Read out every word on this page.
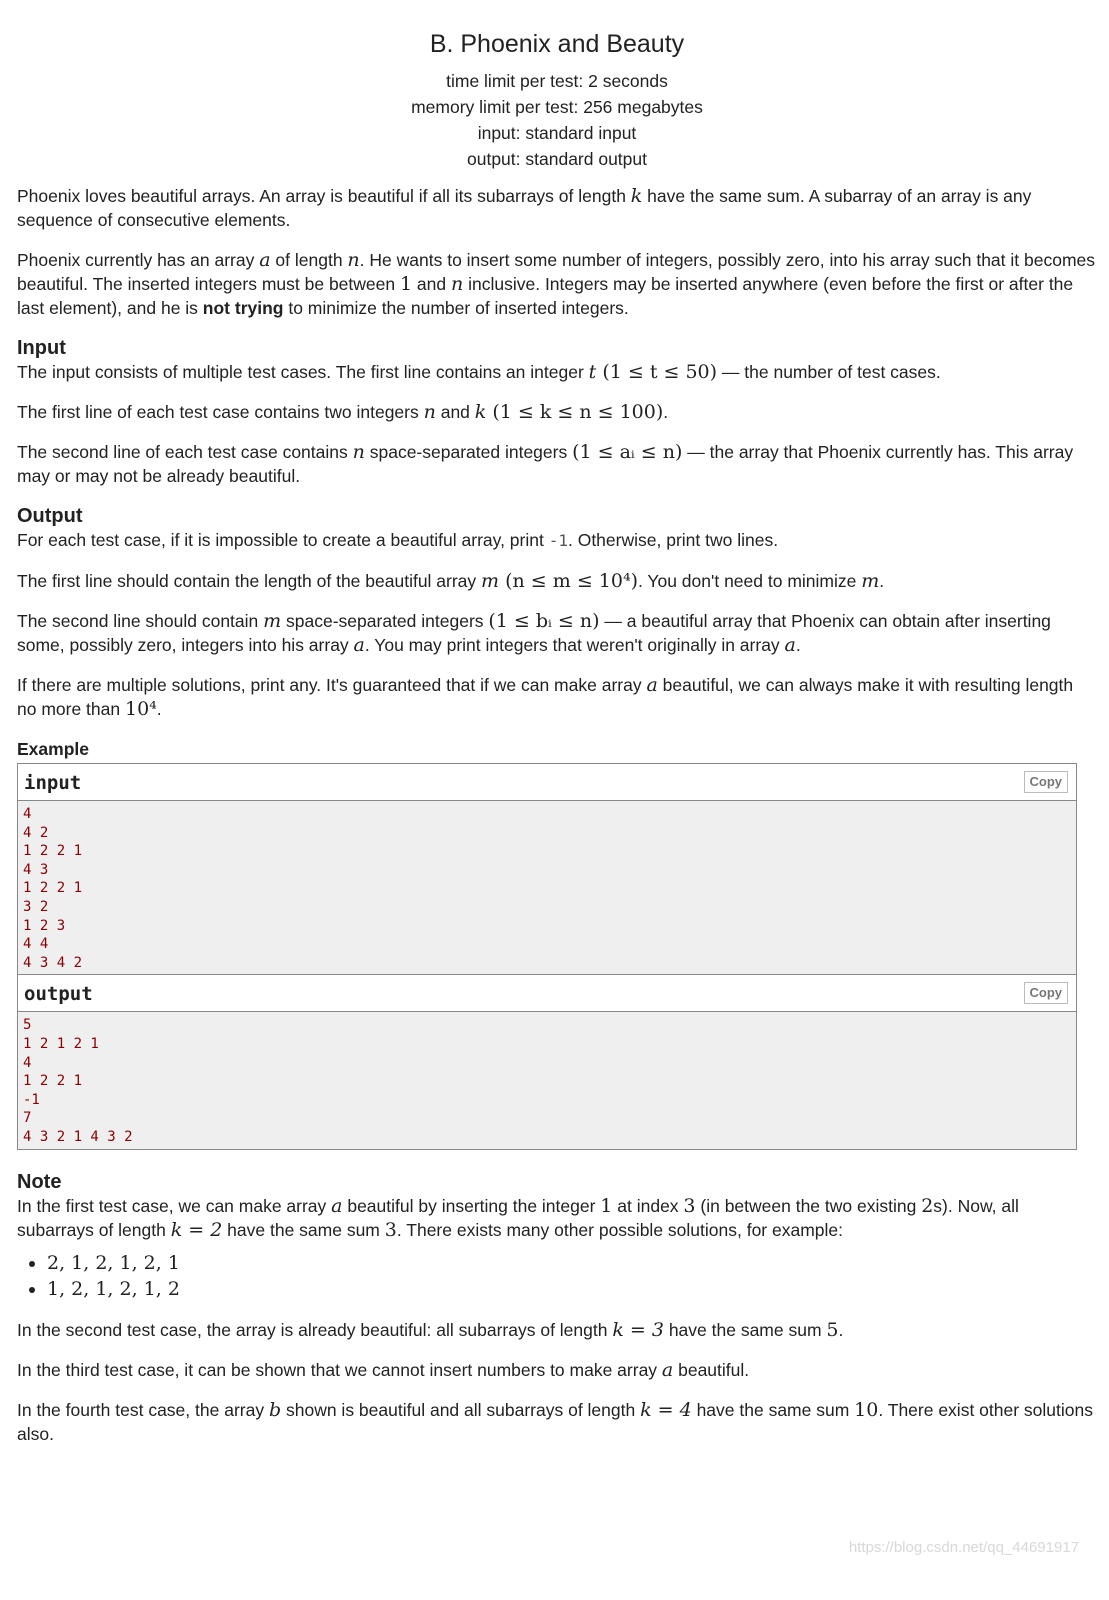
B. Phoenix and Beauty
time limit per test: 2 seconds
memory limit per test: 256 megabytes
input: standard input
output: standard output

Phoenix loves beautiful arrays. An array is beautiful if all its subarrays of length k have the same sum. A subarray of an array is any sequence of consecutive elements.

Phoenix currently has an array a of length n. He wants to insert some number of integers, possibly zero, into his array such that it becomes beautiful. The inserted integers must be between 1 and n inclusive. Integers may be inserted anywhere (even before the first or after the last element), and he is not trying to minimize the number of inserted integers.

Input

The input consists of multiple test cases. The first line contains an integer t (1 ≤ t ≤ 50) — the number of test cases.

The first line of each test case contains two integers n and k (1 ≤ k ≤ n ≤ 100).

The second line of each test case contains n space-separated integers (1 ≤ aᵢ ≤ n) — the array that Phoenix currently has. This array may or may not be already beautiful.

Output

For each test case, if it is impossible to create a beautiful array, print -1. Otherwise, print two lines.

The first line should contain the length of the beautiful array m (n ≤ m ≤ 10⁴). You don't need to minimize m.

The second line should contain m space-separated integers (1 ≤ bᵢ ≤ n) — a beautiful array that Phoenix can obtain after inserting some, possibly zero, integers into his array a. You may print integers that weren't originally in array a.

If there are multiple solutions, print any. It's guaranteed that if we can make array a beautiful, we can always make it with resulting length no more than 10⁴.

Example
input	Copy
4
4 2
1 2 2 1
4 3
1 2 2 1
3 2
1 2 3
4 4
4 3 4 2
output	Copy
5
1 2 1 2 1
4
1 2 2 1
-1
7
4 3 2 1 4 3 2
Note

In the first test case, we can make array a beautiful by inserting the integer 1 at index 3 (in between the two existing 2s). Now, all subarrays of length k = 2 have the same sum 3. There exists many other possible solutions, for example:

• 2, 1, 2, 1, 2, 1
• 1, 2, 1, 2, 1, 2

In the second test case, the array is already beautiful: all subarrays of length k = 3 have the same sum 5.

In the third test case, it can be shown that we cannot insert numbers to make array a beautiful.

In the fourth test case, the array b shown is beautiful and all subarrays of length k = 4 have the same sum 10. There exist other solutions also.

https://blog.csdn.net/qq_44691917
